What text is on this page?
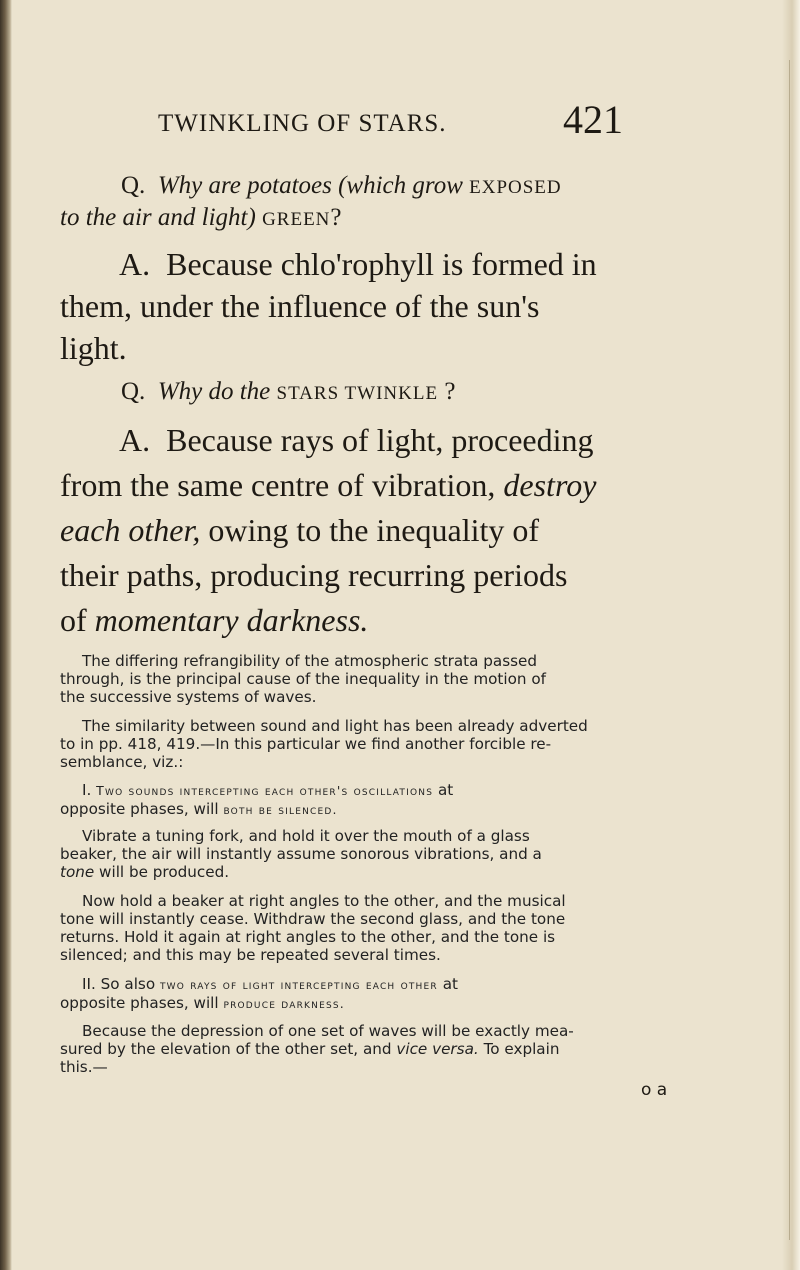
TWINKLING OF STARS.	421
Q. Why are potatoes (which grow EXPOSED
to the air and light) GREEN?
A. Because chlo'rophyll is formed in
them, under the influence of the sun's
light.
Q. Why do the STARS TWINKLE ?
A. Because rays of light, proceeding
from the same centre of vibration, destroy
each other, owing to the inequality of
their paths, producing recurring periods
of momentary darkness.

The differing refrangibility of the atmospheric strata passed

through, is the principal cause of the inequality in the motion of
the successive systems of waves.

The similarity between sound and light has been already adverted

to in pp. 418, 419.—In this particular we find another forcible re-
semblance, viz.:

I. Two sounds intercepting each other's oscillations at

opposite phases, will both be silenced.

Vibrate a tuning fork, and hold it over the mouth of a glass

beaker, the air will instantly assume sonorous vibrations, and a
tone will be produced.

Now hold a beaker at right angles to the other, and the musical

tone will instantly cease. Withdraw the second glass, and the tone
returns. Hold it again at right angles to the other, and the tone is
silenced; and this may be repeated several times.

II. So also two rays of light intercepting each other at

opposite phases, will produce darkness.

Because the depression of one set of waves will be exactly mea-

sured by the elevation of the other set, and vice versa. To explain
this.—
o a
